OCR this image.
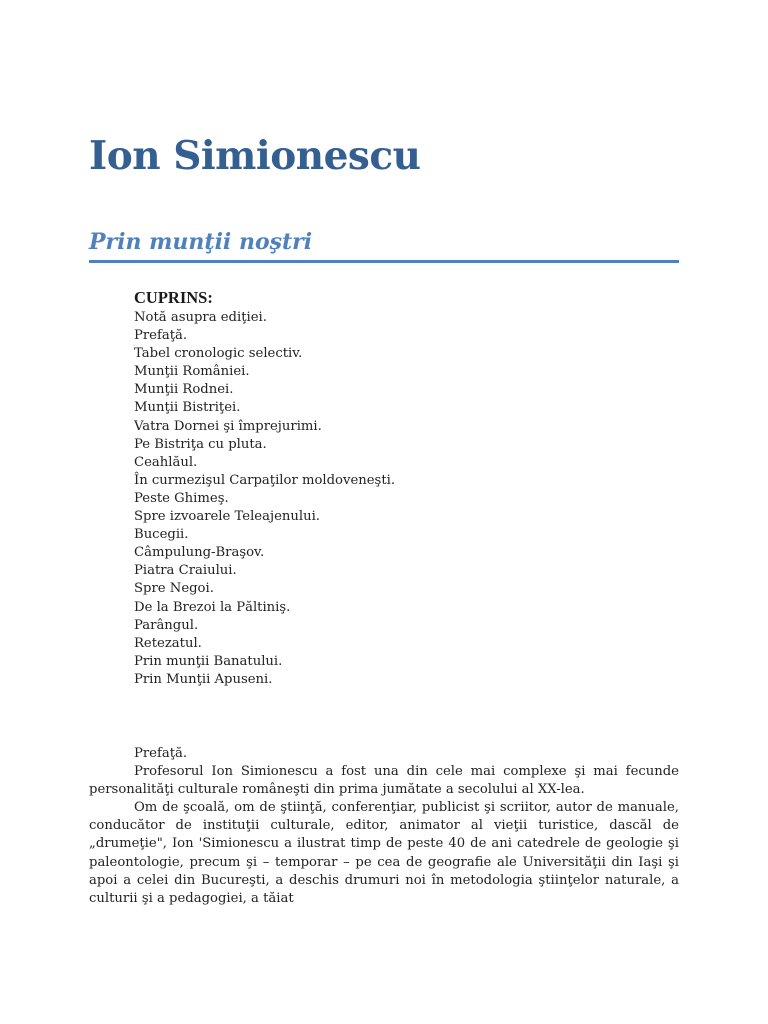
Ion Simionescu
Prin munţii noştri
CUPRINS:
Notă asupra ediţiei.
Prefaţă.
Tabel cronologic selectiv.
Munţii României.
Munţii Rodnei.
Munţii Bistriţei.
Vatra Dornei şi împrejurimi.
Pe Bistriţa cu pluta.
Ceahlăul.
În curmezişul Carpaţilor moldoveneşti.
Peste Ghimeş.
Spre izvoarele Teleajenului.
Bucegii.
Câmpulung-Braşov.
Piatra Craiului.
Spre Negoi.
De la Brezoi la Păltiniş.
Parângul.
Retezatul.
Prin munţii Banatului.
Prin Munţii Apuseni.

Prefaţă.

Profesorul Ion Simionescu a fost una din cele mai complexe şi mai fecunde personalităţi culturale româneşti din prima jumătate a secolului al XX-lea.

Om de şcoală, om de ştiinţă, conferenţiar, publicist şi scriitor, autor de manuale, conducător de instituţii culturale, editor, animator al vieţii turistice, dascăl de „drumeţie", Ion 'Simionescu a ilustrat timp de peste 40 de ani catedrele de geologie şi paleontologie, precum şi – temporar – pe cea de geografie ale Universităţii din Iaşi şi apoi a celei din Bucureşti, a deschis drumuri noi în metodologia ştiinţelor naturale, a culturii şi a pedagogiei, a tăiat
